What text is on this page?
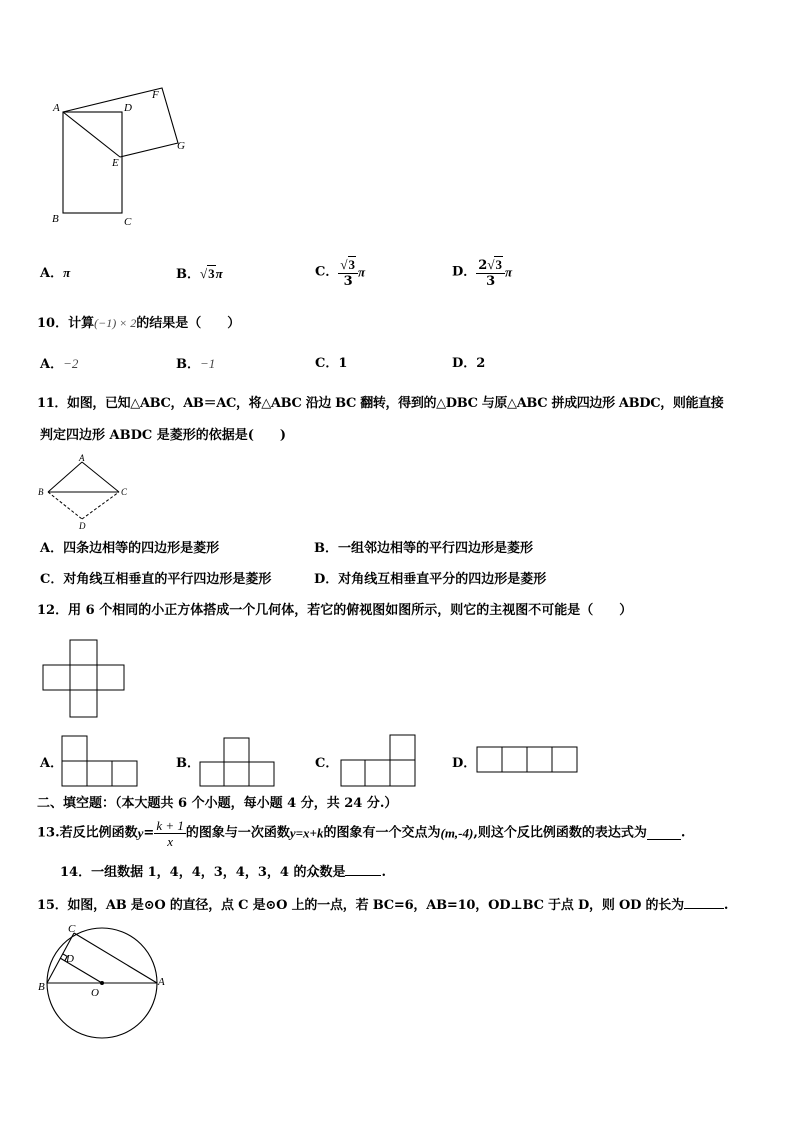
A	D
F
G
E
B	C
A．π	B．√3π	C． $\frac{√3}{3}$ π	D． $\frac{2√3}{3}$ π
10．计算(−1) × 2的结果是（　　）
A．−2	B．−1	C．1	D．2
11．如图，已知△ABC，AB＝AC，将△ABC 沿边 BC 翻转，得到的△DBC 与原△ABC 拼成四边形 ABDC，则能直接
判定四边形 ABDC 是菱形的依据是(　　)
A
B	C
D
A．四条边相等的四边形是菱形	B．一组邻边相等的平行四边形是菱形
C．对角线互相垂直的平行四边形是菱形	D．对角线互相垂直平分的四边形是菱形
12．用 6 个相同的小正方体搭成一个几何体，若它的俯视图如图所示，则它的主视图不可能是（　　）
A．	B．	C．	D．
二、填空题：（本大题共 6 个小题，每小题 4 分，共 24 分.）
13.若反比例函数$y= \frac{k + 1}{x}$ 的图象与一次函数y=x+k的图象有一个交点为(m,-4),则这个反比例函数的表达式为	.
14．一组数据 1，4，4，3，4，3，4 的众数是	.
15．如图，AB 是⊙O 的直径，点 C 是⊙O 上的一点，若 BC=6，AB=10，OD⊥BC 于点 D，则 OD 的长为	.
C
D
B	A
O
